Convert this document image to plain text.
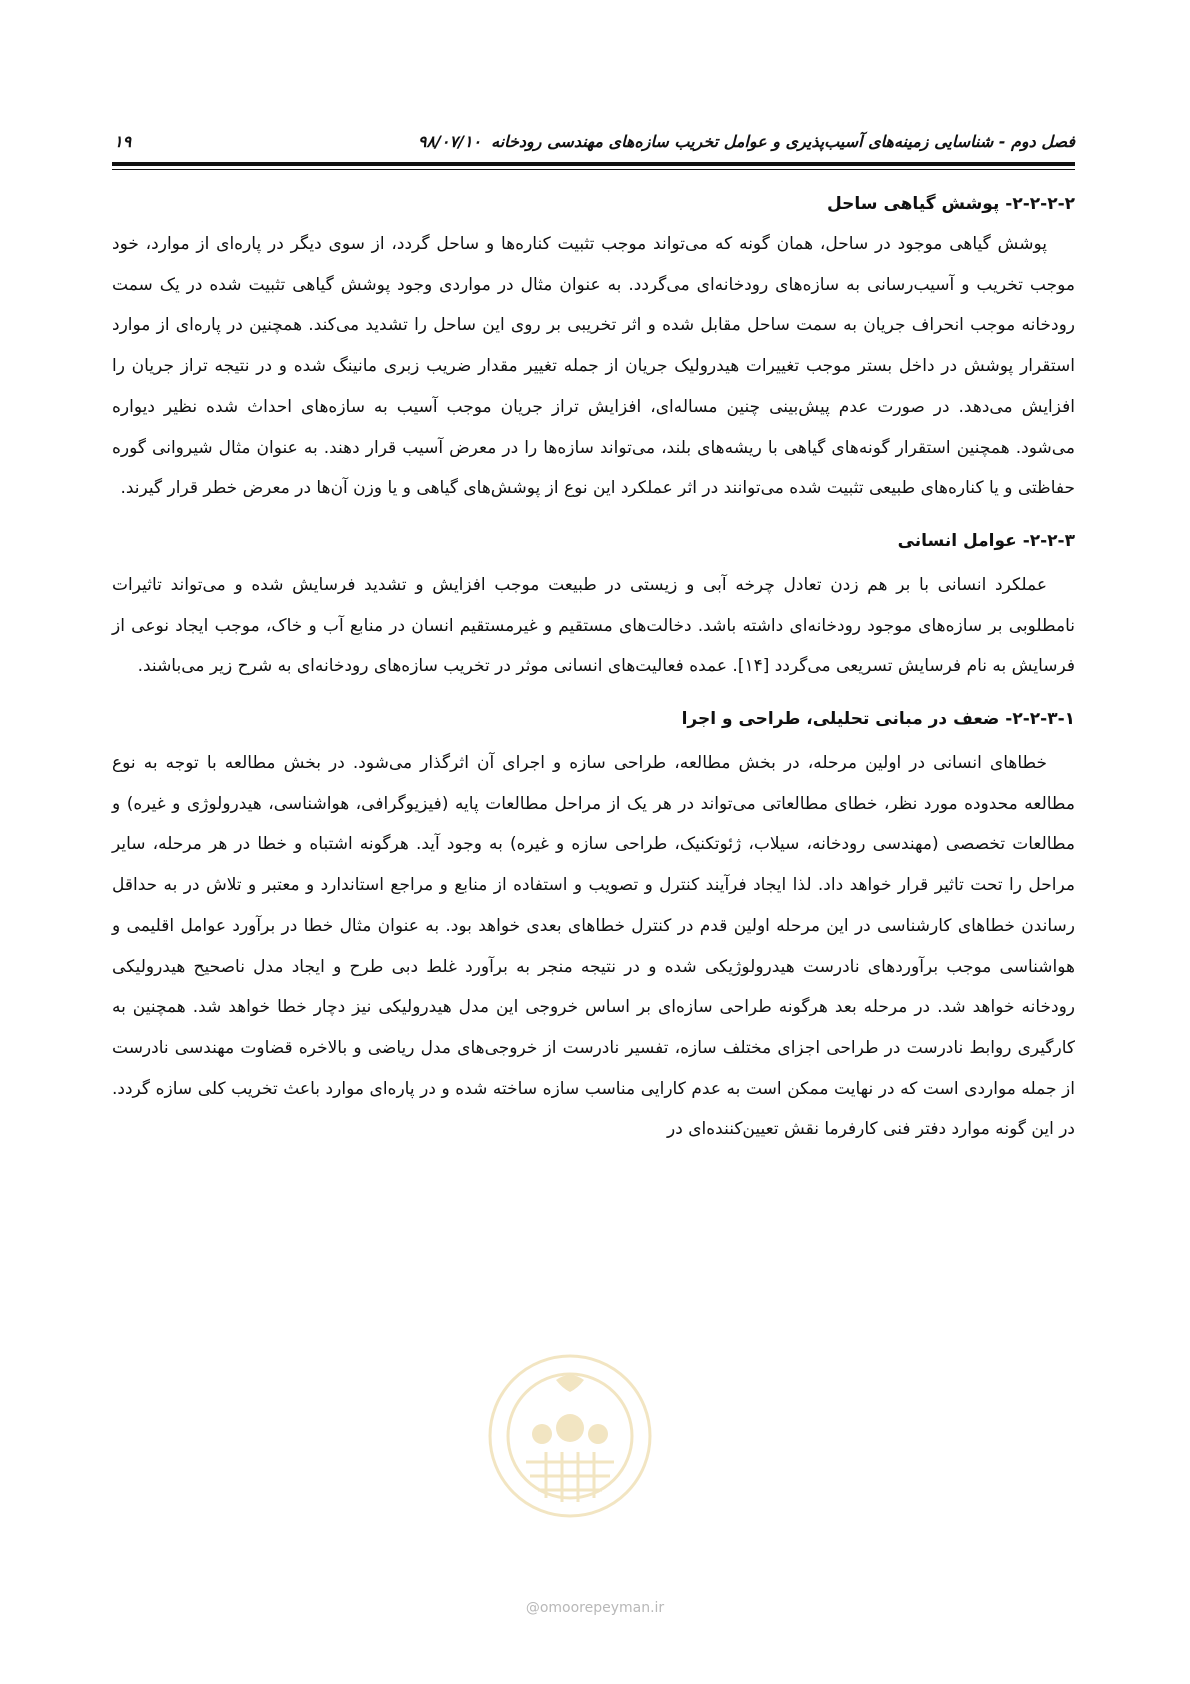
فصل دوم - شناسایی زمینه‌های آسیب‌پذیری و عوامل تخریب سازه‌های مهندسی رودخانه۹۸/۰۷/۱۰
۱۹
۲-۲-۲-۲- پوشش گیاهی ساحل

پوشش گیاهی موجود در ساحل، همان گونه که می‌تواند موجب تثبیت کناره‌ها و ساحل گردد، از سوی دیگر در پاره‌ای از موارد، خود موجب تخریب و آسیب‌رسانی به سازه‌های رودخانه‌ای می‌گردد. به عنوان مثال در مواردی وجود پوشش گیاهی تثبیت شده در یک سمت رودخانه موجب انحراف جریان به سمت ساحل مقابل شده و اثر تخریبی بر روی این ساحل را تشدید می‌کند. همچنین در پاره‌ای از موارد استقرار پوشش در داخل بستر موجب تغییرات هیدرولیک جریان از جمله تغییر مقدار ضریب زبری مانینگ شده و در نتیجه تراز جریان را افزایش می‌دهد. در صورت عدم پیش‌بینی چنین مساله‌ای، افزایش تراز جریان موجب آسیب به سازه‌های احداث شده نظیر دیواره می‌شود. همچنین استقرار گونه‌های گیاهی با ریشه‌های بلند، می‌تواند سازه‌ها را در معرض آسیب قرار دهند. به عنوان مثال شیروانی گوره حفاظتی و یا کناره‌های طبیعی تثبیت شده می‌توانند در اثر عملکرد این نوع از پوشش‌های گیاهی و یا وزن آن‌ها در معرض خطر قرار گیرند.

۲-۲-۳- عوامل انسانی

عملکرد انسانی با بر هم زدن تعادل چرخه آبی و زیستی در طبیعت موجب افزایش و تشدید فرسایش شده و می‌تواند تاثیرات نامطلوبی بر سازه‌های موجود رودخانه‌ای داشته باشد. دخالت‌های مستقیم و غیرمستقیم انسان در منابع آب و خاک، موجب ایجاد نوعی از فرسایش به نام فرسایش تسریعی می‌گردد [۱۴]. عمده فعالیت‌های انسانی موثر در تخریب سازه‌های رودخانه‌ای به شرح زیر می‌باشند.

۲-۲-۳-۱- ضعف در مبانی تحلیلی، طراحی و اجرا

خطاهای انسانی در اولین مرحله، در بخش مطالعه، طراحی سازه و اجرای آن اثرگذار می‌شود. در بخش مطالعه با توجه به نوع مطالعه محدوده مورد نظر، خطای مطالعاتی می‌تواند در هر یک از مراحل مطالعات پایه (فیزیوگرافی، هواشناسی، هیدرولوژی و غیره) و مطالعات تخصصی (مهندسی رودخانه، سیلاب، ژئوتکنیک، طراحی سازه و غیره) به وجود آید. هرگونه اشتباه و خطا در هر مرحله، سایر مراحل را تحت تاثیر قرار خواهد داد. لذا ایجاد فرآیند کنترل و تصویب و استفاده از منابع و مراجع استاندارد و معتبر و تلاش در به حداقل رساندن خطاهای کارشناسی در این مرحله اولین قدم در کنترل خطاهای بعدی خواهد بود. به عنوان مثال خطا در برآورد عوامل اقلیمی و هواشناسی موجب برآوردهای نادرست هیدرولوژیکی شده و در نتیجه منجر به برآورد غلط دبی طرح و ایجاد مدل ناصحیح هیدرولیکی رودخانه خواهد شد. در مرحله بعد هرگونه طراحی سازه‌ای بر اساس خروجی این مدل هیدرولیکی نیز دچار خطا خواهد شد. همچنین به کارگیری روابط نادرست در طراحی اجزای مختلف سازه، تفسیر نادرست از خروجی‌های مدل ریاضی و بالاخره قضاوت مهندسی نادرست از جمله مواردی است که در نهایت ممکن است به عدم کارایی مناسب سازه ساخته شده و در پاره‌ای موارد باعث تخریب کلی سازه گردد. در این گونه موارد دفتر فنی کارفرما نقش تعیین‌کننده‌ای در

@omoorepeyman.ir
